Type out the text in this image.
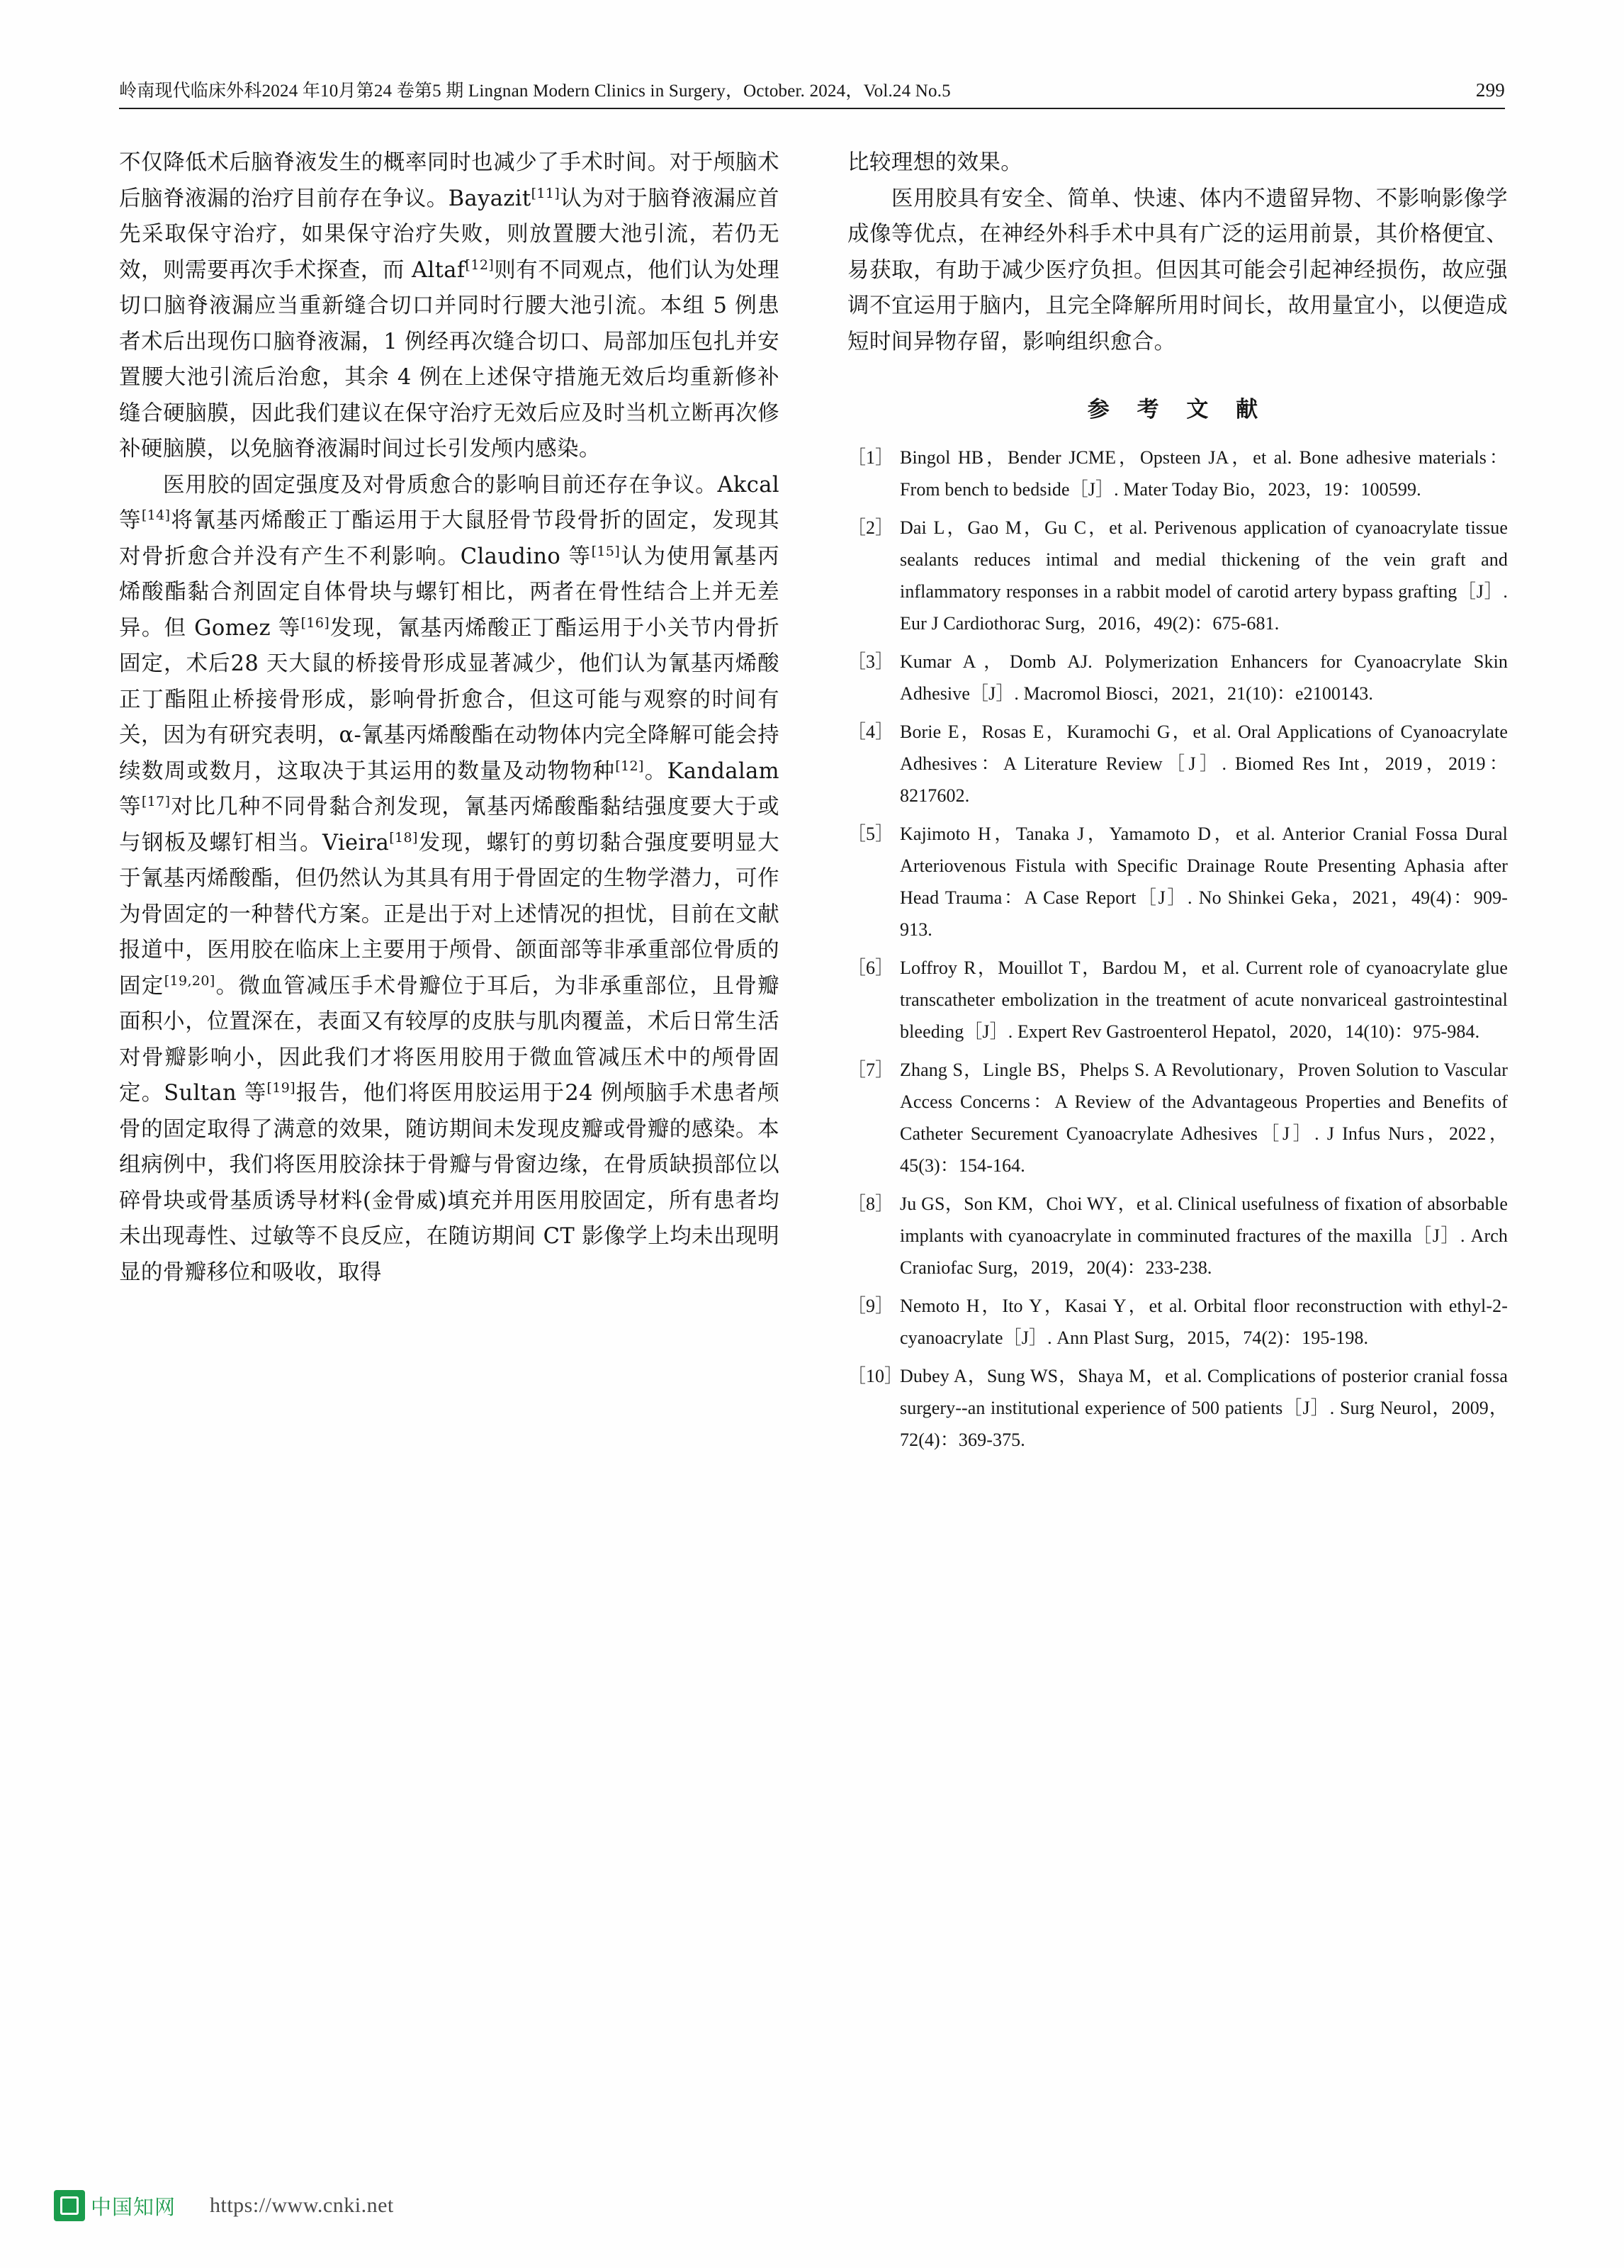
岭南现代临床外科2024 年10月第24 卷第5 期 Lingnan Modern Clinics in Surgery，October. 2024，Vol.24 No.5	299

不仅降低术后脑脊液发生的概率同时也减少了手术时间。对于颅脑术后脑脊液漏的治疗目前存在争议。Bayazit[11]认为对于脑脊液漏应首先采取保守治疗，如果保守治疗失败，则放置腰大池引流，若仍无效，则需要再次手术探查，而 Altaf[12]则有不同观点，他们认为处理切口脑脊液漏应当重新缝合切口并同时行腰大池引流。本组 5 例患者术后出现伤口脑脊液漏，1 例经再次缝合切口、局部加压包扎并安置腰大池引流后治愈，其余 4 例在上述保守措施无效后均重新修补缝合硬脑膜，因此我们建议在保守治疗无效后应及时当机立断再次修补硬脑膜，以免脑脊液漏时间过长引发颅内感染。

医用胶的固定强度及对骨质愈合的影响目前还存在争议。Akcal 等[14]将氰基丙烯酸正丁酯运用于大鼠胫骨节段骨折的固定，发现其对骨折愈合并没有产生不利影响。Claudino 等[15]认为使用氰基丙烯酸酯黏合剂固定自体骨块与螺钉相比，两者在骨性结合上并无差异。但 Gomez 等[16]发现，氰基丙烯酸正丁酯运用于小关节内骨折固定，术后28 天大鼠的桥接骨形成显著减少，他们认为氰基丙烯酸正丁酯阻止桥接骨形成，影响骨折愈合，但这可能与观察的时间有关，因为有研究表明，α-氰基丙烯酸酯在动物体内完全降解可能会持续数周或数月，这取决于其运用的数量及动物物种[12]。Kandalam 等[17]对比几种不同骨黏合剂发现，氰基丙烯酸酯黏结强度要大于或与钢板及螺钉相当。Vieira[18]发现，螺钉的剪切黏合强度要明显大于氰基丙烯酸酯，但仍然认为其具有用于骨固定的生物学潜力，可作为骨固定的一种替代方案。正是出于对上述情况的担忧，目前在文献报道中，医用胶在临床上主要用于颅骨、颌面部等非承重部位骨质的固定[19,20]。微血管减压手术骨瓣位于耳后，为非承重部位，且骨瓣面积小，位置深在，表面又有较厚的皮肤与肌肉覆盖，术后日常生活对骨瓣影响小，因此我们才将医用胶用于微血管减压术中的颅骨固定。Sultan 等[19]报告，他们将医用胶运用于24 例颅脑手术患者颅骨的固定取得了满意的效果，随访期间未发现皮瓣或骨瓣的感染。本组病例中，我们将医用胶涂抹于骨瓣与骨窗边缘，在骨质缺损部位以碎骨块或骨基质诱导材料(金骨威)填充并用医用胶固定，所有患者均未出现毒性、过敏等不良反应，在随访期间 CT 影像学上均未出现明显的骨瓣移位和吸收，取得

比较理想的效果。

医用胶具有安全、简单、快速、体内不遗留异物、不影响影像学成像等优点，在神经外科手术中具有广泛的运用前景，其价格便宜、易获取，有助于减少医疗负担。但因其可能会引起神经损伤，故应强调不宜运用于脑内，且完全降解所用时间长，故用量宜小，以便造成短时间异物存留，影响组织愈合。

参 考 文 献
［1］ Bingol HB，Bender JCME，Opsteen JA，et al. Bone adhesive materials：From bench to bedside［J］. Mater Today Bio，2023，19：100599.
［2］ Dai L，Gao M，Gu C，et al. Perivenous application of cyanoacrylate tissue sealants reduces intimal and medial thickening of the vein graft and inflammatory responses in a rabbit model of carotid artery bypass grafting［J］. Eur J Cardiothorac Surg，2016，49(2)：675-681.
［3］ Kumar A，Domb AJ. Polymerization Enhancers for Cyanoacrylate Skin Adhesive［J］. Macromol Biosci，2021，21(10)：e2100143.
［4］ Borie E，Rosas E，Kuramochi G，et al. Oral Applications of Cyanoacrylate Adhesives：A Literature Review［J］. Biomed Res Int，2019，2019：8217602.
［5］ Kajimoto H，Tanaka J，Yamamoto D，et al. Anterior Cranial Fossa Dural Arteriovenous Fistula with Specific Drainage Route Presenting Aphasia after Head Trauma：A Case Report［J］. No Shinkei Geka，2021，49(4)：909-913.
［6］ Loffroy R，Mouillot T，Bardou M，et al. Current role of cyanoacrylate glue transcatheter embolization in the treatment of acute nonvariceal gastrointestinal bleeding［J］. Expert Rev Gastroenterol Hepatol，2020，14(10)：975-984.
［7］ Zhang S，Lingle BS，Phelps S. A Revolutionary，Proven Solution to Vascular Access Concerns：A Review of the Advantageous Properties and Benefits of Catheter Securement Cyanoacrylate Adhesives［J］. J Infus Nurs，2022，45(3)：154-164.
［8］ Ju GS，Son KM，Choi WY，et al. Clinical usefulness of fixation of absorbable implants with cyanoacrylate in comminuted fractures of the maxilla［J］. Arch Craniofac Surg，2019，20(4)：233-238.
［9］ Nemoto H，Ito Y，Kasai Y，et al. Orbital floor reconstruction with ethyl-2-cyanoacrylate［J］. Ann Plast Surg，2015，74(2)：195-198.
［10］
Dubey A，Sung WS，Shaya M，et al. Complications of posterior cranial fossa surgery--an institutional experience of 500 patients［J］. Surg Neurol，2009，72(4)：369-375.
中国知网 https://www.cnki.net
